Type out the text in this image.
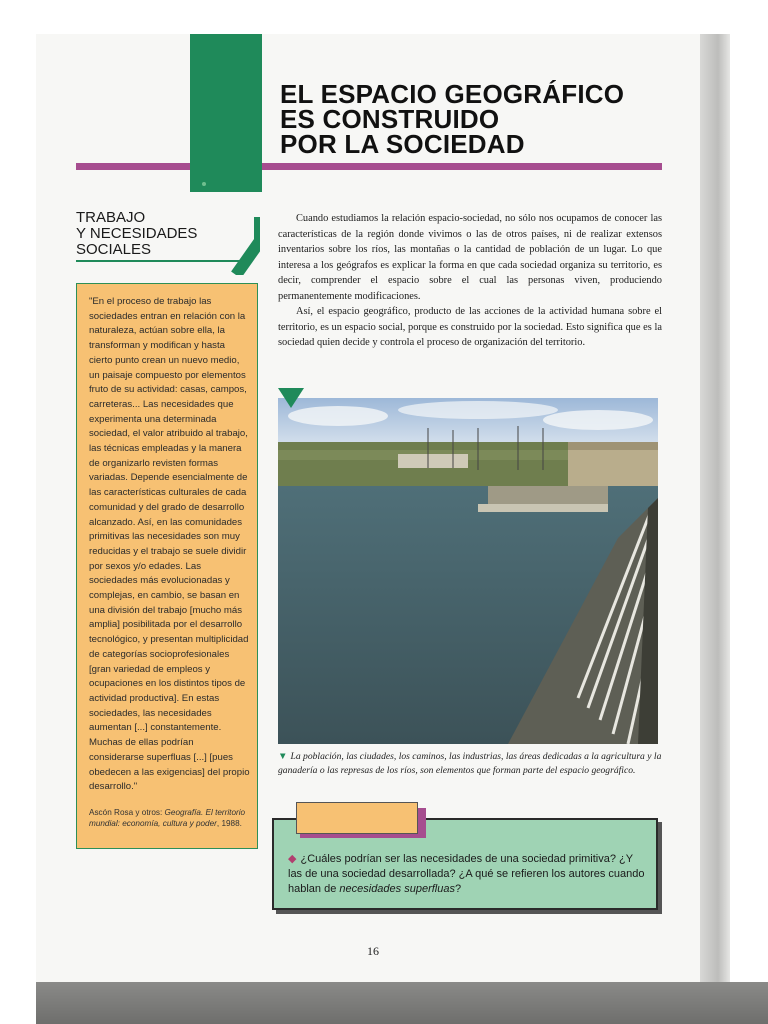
EL ESPACIO GEOGRÁFICO
ES CONSTRUIDO
POR LA SOCIEDAD
TRABAJO
Y NECESIDADES
SOCIALES

"En el proceso de trabajo las sociedades entran en relación con la naturaleza, actúan sobre ella, la transforman y modifican y hasta cierto punto crean un nuevo medio, un paisaje compuesto por elementos fruto de su actividad: casas, campos, carreteras... Las necesidades que experimenta una determinada sociedad, el valor atribuido al trabajo, las técnicas empleadas y la manera de organizarlo revisten formas variadas. Depende esencialmente de las características culturales de cada comunidad y del grado de desarrollo alcanzado. Así, en las comunidades primitivas las necesidades son muy reducidas y el trabajo se suele dividir por sexos y/o edades. Las sociedades más evolucionadas y complejas, en cambio, se basan en una división del trabajo [mucho más amplia] posibilitada por el desarrollo tecnológico, y presentan multiplicidad de categorías socioprofesionales [gran variedad de empleos y ocupaciones en los distintos tipos de actividad productiva]. En estas sociedades, las necesidades aumentan [...] constantemente. Muchas de ellas podrían considerarse superfluas [...] [pues obedecen a las exigencias] del propio desarrollo."

Ascón Rosa y otros: Geografía. El territorio mundial: economía, cultura y poder, 1988.

Cuando estudiamos la relación espacio-sociedad, no sólo nos ocupamos de conocer las características de la región donde vivimos o las de otros países, ni de realizar extensos inventarios sobre los ríos, las montañas o la cantidad de población de un lugar. Lo que interesa a los geógrafos es explicar la forma en que cada sociedad organiza su territorio, es decir, comprender el espacio sobre el cual las personas viven, produciendo permanentemente modificaciones.

Así, el espacio geográfico, producto de las acciones de la actividad humana sobre el territorio, es un espacio social, porque es construido por la sociedad. Esto significa que es la sociedad quien decide y controla el proceso de organización del territorio.

▼ La población, las ciudades, los caminos, las industrias, las áreas dedicadas a la agricultura y la ganadería o las represas de los ríos, son elementos que forman parte del espacio geográfico.
◆ ¿Cuáles podrían ser las necesidades de una sociedad primitiva? ¿Y las de una sociedad desarrollada? ¿A qué se refieren los autores cuando hablan de necesidades superfluas?
16
